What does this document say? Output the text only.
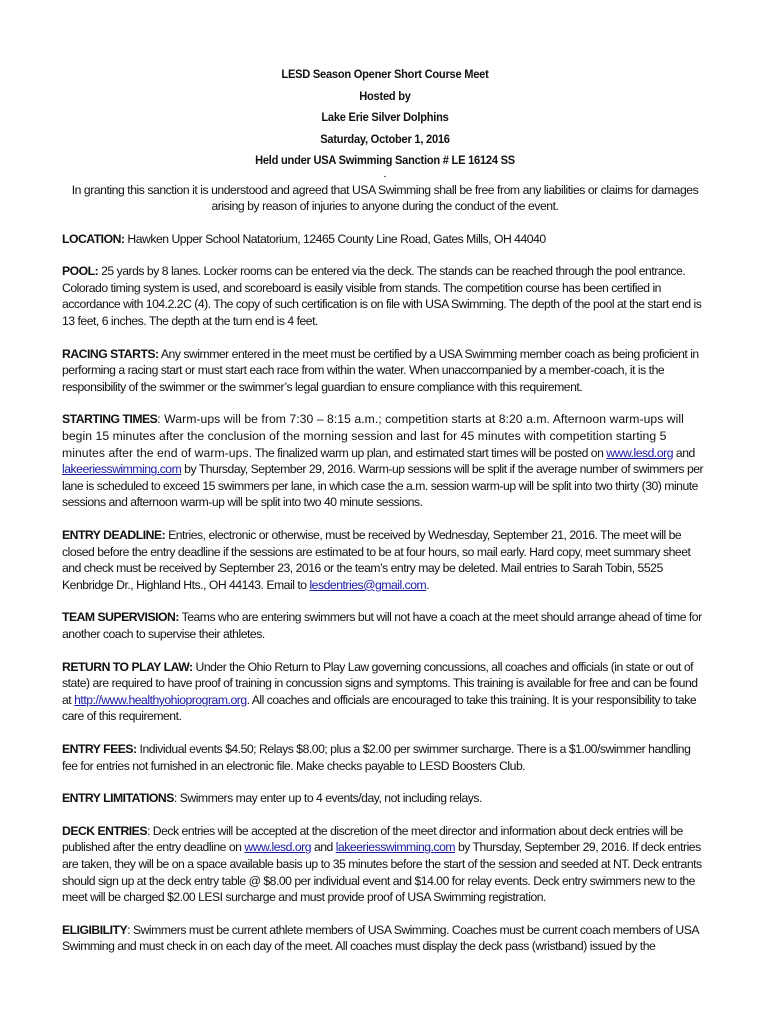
LESD Season Opener Short Course Meet
Hosted by
Lake Erie Silver Dolphins
Saturday, October 1, 2016
Held under USA Swimming Sanction # LE 16124 SS
-

In granting this sanction it is understood and agreed that USA Swimming shall be free from any liabilities or claims for damages arising by reason of injuries to anyone during the conduct of the event.

LOCATION: Hawken Upper School Natatorium, 12465 County Line Road, Gates Mills, OH 44040

POOL: 25 yards by 8 lanes. Locker rooms can be entered via the deck. The stands can be reached through the pool entrance. Colorado timing system is used, and scoreboard is easily visible from stands. The competition course has been certified in accordance with 104.2.2C (4). The copy of such certification is on file with USA Swimming. The depth of the pool at the start end is 13 feet, 6 inches. The depth at the turn end is 4 feet.

RACING STARTS: Any swimmer entered in the meet must be certified by a USA Swimming member coach as being proficient in performing a racing start or must start each race from within the water. When unaccompanied by a member-coach, it is the responsibility of the swimmer or the swimmer’s legal guardian to ensure compliance with this requirement.

STARTING TIMES: Warm-ups will be from 7:30 – 8:15 a.m.; competition starts at 8:20 a.m. Afternoon warm-ups will begin 15 minutes after the conclusion of the morning session and last for 45 minutes with competition starting 5 minutes after the end of warm-ups. The finalized warm up plan, and estimated start times will be posted on www.lesd.org and lakeeriesswimming.com by Thursday, September 29, 2016. Warm-up sessions will be split if the average number of swimmers per lane is scheduled to exceed 15 swimmers per lane, in which case the a.m. session warm-up will be split into two thirty (30) minute sessions and afternoon warm-up will be split into two 40 minute sessions.

ENTRY DEADLINE: Entries, electronic or otherwise, must be received by Wednesday, September 21, 2016. The meet will be closed before the entry deadline if the sessions are estimated to be at four hours, so mail early. Hard copy, meet summary sheet and check must be received by September 23, 2016 or the team’s entry may be deleted. Mail entries to Sarah Tobin, 5525 Kenbridge Dr., Highland Hts., OH 44143. Email to lesdentries@gmail.com.

TEAM SUPERVISION: Teams who are entering swimmers but will not have a coach at the meet should arrange ahead of time for another coach to supervise their athletes.

RETURN TO PLAY LAW: Under the Ohio Return to Play Law governing concussions, all coaches and officials (in state or out of state) are required to have proof of training in concussion signs and symptoms. This training is available for free and can be found at http://www.healthyohioprogram.org. All coaches and officials are encouraged to take this training. It is your responsibility to take care of this requirement.

ENTRY FEES: Individual events $4.50; Relays $8.00; plus a $2.00 per swimmer surcharge. There is a $1.00/swimmer handling fee for entries not furnished in an electronic file. Make checks payable to LESD Boosters Club.

ENTRY LIMITATIONS: Swimmers may enter up to 4 events/day, not including relays.

DECK ENTRIES: Deck entries will be accepted at the discretion of the meet director and information about deck entries will be published after the entry deadline on www.lesd.org and lakeeriesswimming.com by Thursday, September 29, 2016. If deck entries are taken, they will be on a space available basis up to 35 minutes before the start of the session and seeded at NT. Deck entrants should sign up at the deck entry table @ $8.00 per individual event and $14.00 for relay events. Deck entry swimmers new to the meet will be charged $2.00 LESI surcharge and must provide proof of USA Swimming registration.

ELIGIBILITY: Swimmers must be current athlete members of USA Swimming. Coaches must be current coach members of USA Swimming and must check in on each day of the meet. All coaches must display the deck pass (wristband) issued by the
